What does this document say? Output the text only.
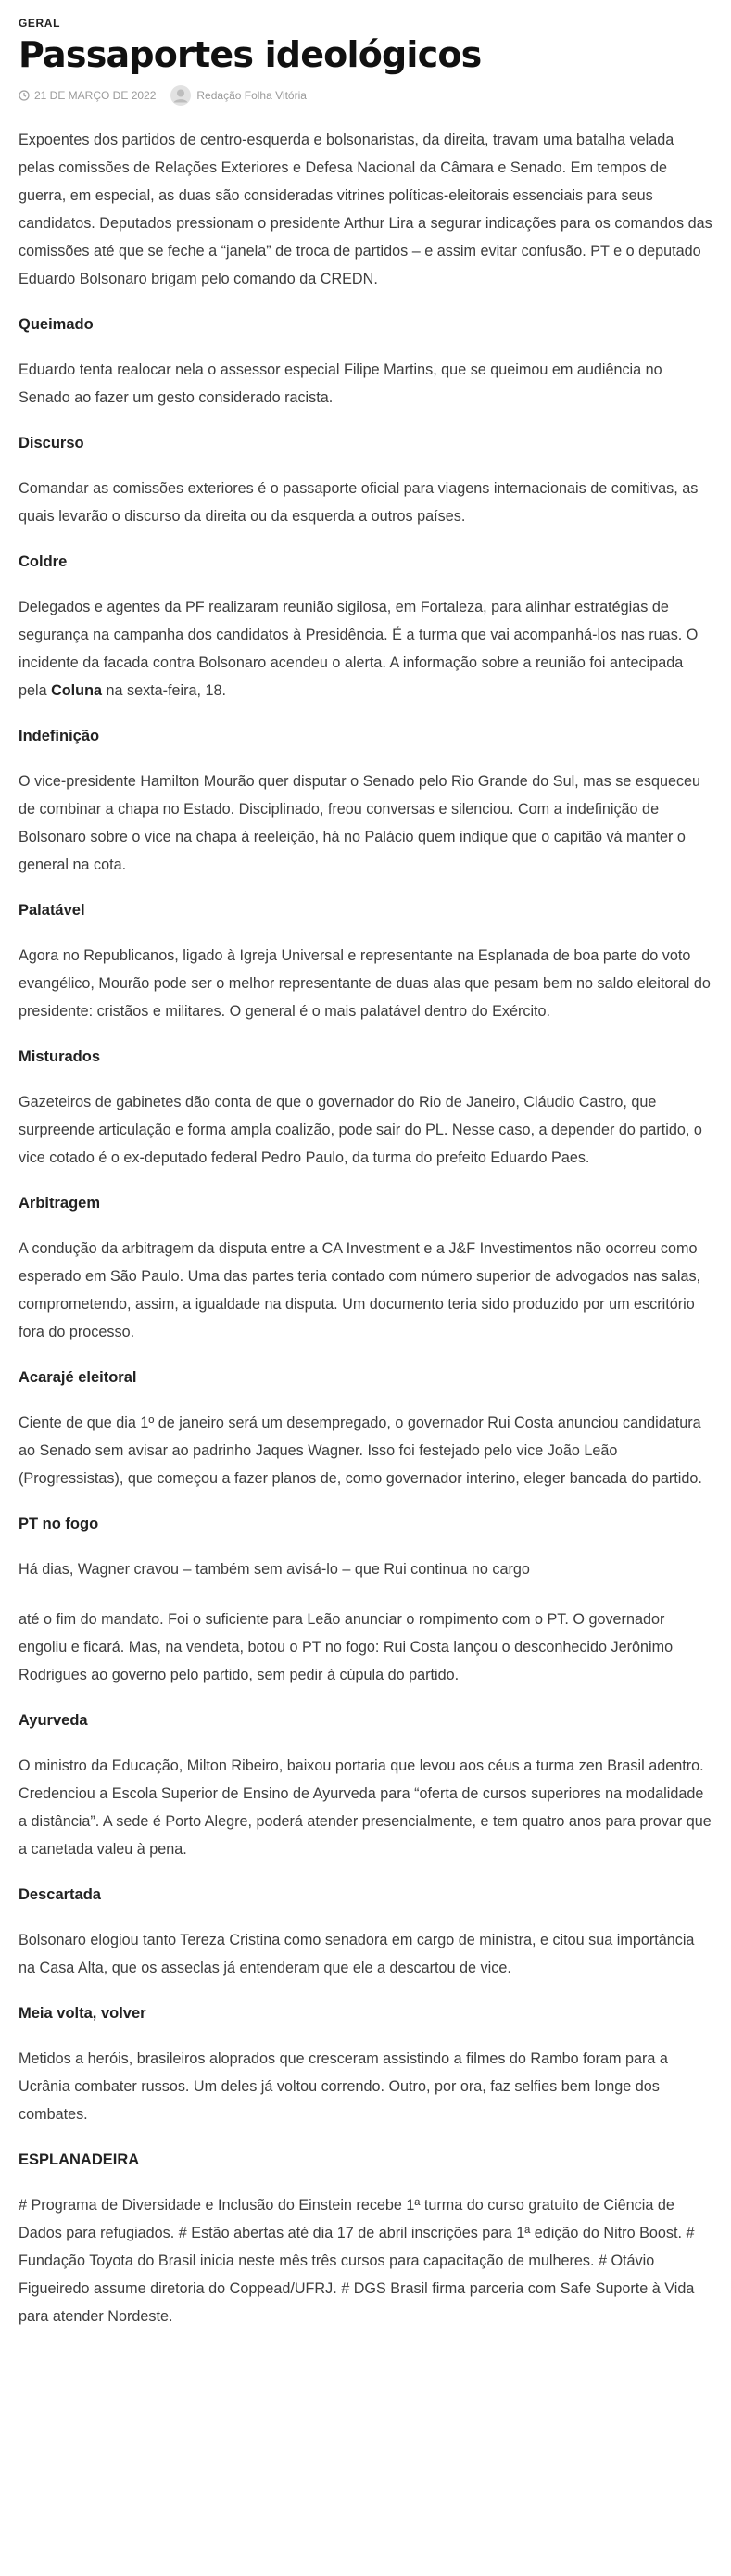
GERAL
Passaportes ideológicos
21 DE MARÇO DE 2022	Redação Folha Vitória

Expoentes dos partidos de centro-esquerda e bolsonaristas, da direita, travam uma batalha velada pelas comissões de Relações Exteriores e Defesa Nacional da Câmara e Senado. Em tempos de guerra, em especial, as duas são consideradas vitrines políticas-eleitorais essenciais para seus candidatos. Deputados pressionam o presidente Arthur Lira a segurar indicações para os comandos das comissões até que se feche a “janela” de troca de partidos – e assim evitar confusão. PT e o deputado Eduardo Bolsonaro brigam pelo comando da CREDN.

Queimado

Eduardo tenta realocar nela o assessor especial Filipe Martins, que se queimou em audiência no Senado ao fazer um gesto considerado racista.

Discurso

Comandar as comissões exteriores é o passaporte oficial para viagens internacionais de comitivas, as quais levarão o discurso da direita ou da esquerda a outros países.

Coldre

Delegados e agentes da PF realizaram reunião sigilosa, em Fortaleza, para alinhar estratégias de segurança na campanha dos candidatos à Presidência. É a turma que vai acompanhá-los nas ruas. O incidente da facada contra Bolsonaro acendeu o alerta. A informação sobre a reunião foi antecipada pela Coluna na sexta-feira, 18.

Indefinição

O vice-presidente Hamilton Mourão quer disputar o Senado pelo Rio Grande do Sul, mas se esqueceu de combinar a chapa no Estado. Disciplinado, freou conversas e silenciou. Com a indefinição de Bolsonaro sobre o vice na chapa à reeleição, há no Palácio quem indique que o capitão vá manter o general na cota.

Palatável

Agora no Republicanos, ligado à Igreja Universal e representante na Esplanada de boa parte do voto evangélico, Mourão pode ser o melhor representante de duas alas que pesam bem no saldo eleitoral do presidente: cristãos e militares. O general é o mais palatável dentro do Exército.

Misturados

Gazeteiros de gabinetes dão conta de que o governador do Rio de Janeiro, Cláudio Castro, que surpreende articulação e forma ampla coalizão, pode sair do PL. Nesse caso, a depender do partido, o vice cotado é o ex-deputado federal Pedro Paulo, da turma do prefeito Eduardo Paes.

Arbitragem

A condução da arbitragem da disputa entre a CA Investment e a J&F Investimentos não ocorreu como esperado em São Paulo. Uma das partes teria contado com número superior de advogados nas salas, comprometendo, assim, a igualdade na disputa. Um documento teria sido produzido por um escritório fora do processo.

Acarajé eleitoral

Ciente de que dia 1º de janeiro será um desempregado, o governador Rui Costa anunciou candidatura ao Senado sem avisar ao padrinho Jaques Wagner. Isso foi festejado pelo vice João Leão (Progressistas), que começou a fazer planos de, como governador interino, eleger bancada do partido.

PT no fogo

Há dias, Wagner cravou – também sem avisá-lo – que Rui continua no cargo

até o fim do mandato. Foi o suficiente para Leão anunciar o rompimento com o PT. O governador engoliu e ficará. Mas, na vendeta, botou o PT no fogo: Rui Costa lançou o desconhecido Jerônimo Rodrigues ao governo pelo partido, sem pedir à cúpula do partido.

Ayurveda

O ministro da Educação, Milton Ribeiro, baixou portaria que levou aos céus a turma zen Brasil adentro. Credenciou a Escola Superior de Ensino de Ayurveda para “oferta de cursos superiores na modalidade a distância”. A sede é Porto Alegre, poderá atender presencialmente, e tem quatro anos para provar que a canetada valeu à pena.

Descartada

Bolsonaro elogiou tanto Tereza Cristina como senadora em cargo de ministra, e citou sua importância na Casa Alta, que os asseclas já entenderam que ele a descartou de vice.

Meia volta, volver

Metidos a heróis, brasileiros aloprados que cresceram assistindo a filmes do Rambo foram para a Ucrânia combater russos. Um deles já voltou correndo. Outro, por ora, faz selfies bem longe dos combates.

ESPLANADEIRA

# Programa de Diversidade e Inclusão do Einstein recebe 1ª turma do curso gratuito de Ciência de Dados para refugiados. # Estão abertas até dia 17 de abril inscrições para 1ª edição do Nitro Boost. # Fundação Toyota do Brasil inicia neste mês três cursos para capacitação de mulheres. # Otávio Figueiredo assume diretoria do Coppead/UFRJ. # DGS Brasil firma parceria com Safe Suporte à Vida para atender Nordeste.
